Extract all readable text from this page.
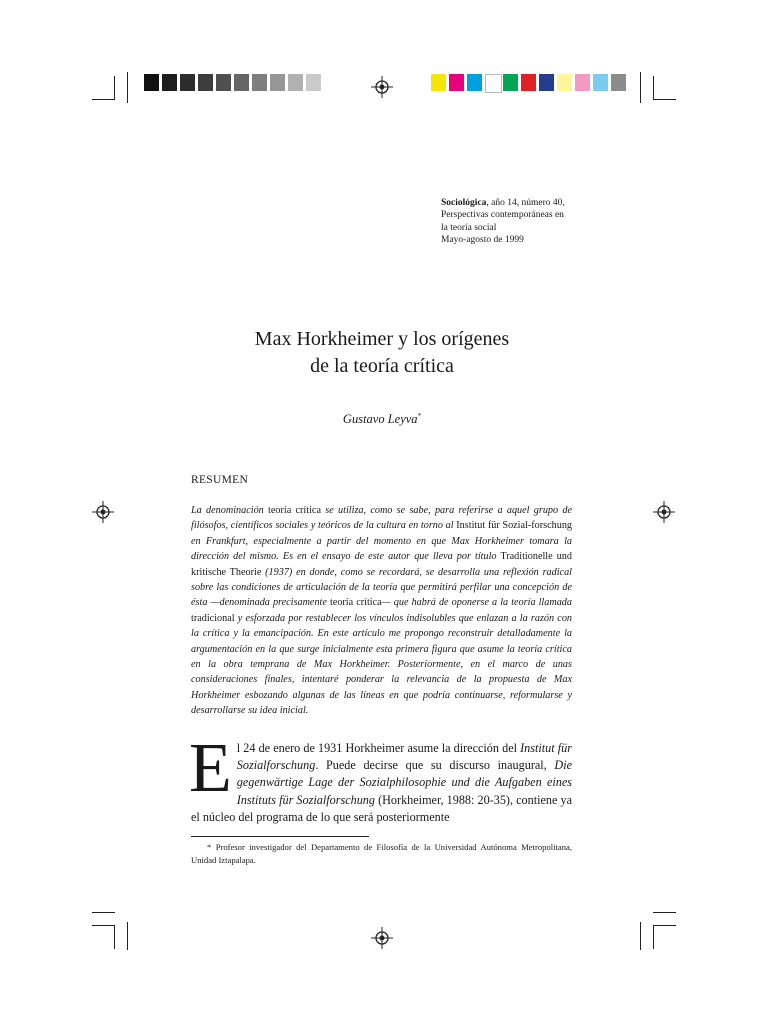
Sociológica, año 14, número 40,
Perspectivas contemporáneas en
la teoría social
Mayo-agosto de 1999
Max Horkheimer y los orígenes
de la teoría crítica
Gustavo Leyva*
RESUMEN
La denominación teoría crítica se utiliza, como se sabe, para referirse a aquel grupo de filósofos, científicos sociales y teóricos de la cultura en torno al Institut für Sozial-forschung en Frankfurt, especialmente a partir del momento en que Max Horkheimer tomara la dirección del mismo. Es en el ensayo de este autor que lleva por título Traditionelle und kritische Theorie (1937) en donde, como se recordará, se desarrolla una reflexión radical sobre las condiciones de articulación de la teoría que permitirá perfilar una concepción de ésta —denominada precisamente teoría crítica— que habrá de oponerse a la teoría llamada tradicional y esforzada por restablecer los vínculos indisolubles que enlazan a la razón con la crítica y la emancipación. En este artículo me propongo reconstruir detalladamente la argumentación en la que surge inicialmente esta primera figura que asume la teoría crítica en la obra temprana de Max Horkheimer. Posteriormente, en el marco de unas consideraciones finales, intentaré ponderar la relevancia de la propuesta de Max Horkheimer esbozando algunas de las líneas en que podría continuarse, reformularse y desarrollarse su idea inicial.
El 24 de enero de 1931 Horkheimer asume la dirección del Institut für Sozialforschung. Puede decirse que su discurso inaugural, Die gegenwärtige Lage der Sozialphilosophie und die Aufgaben eines Instituts für Sozialforschung (Horkheimer, 1988: 20-35), contiene ya el núcleo del programa de lo que será posteriormente
* Profesor investigador del Departamento de Filosofía de la Universidad Autónoma Metropolitana, Unidad Iztapalapa.
